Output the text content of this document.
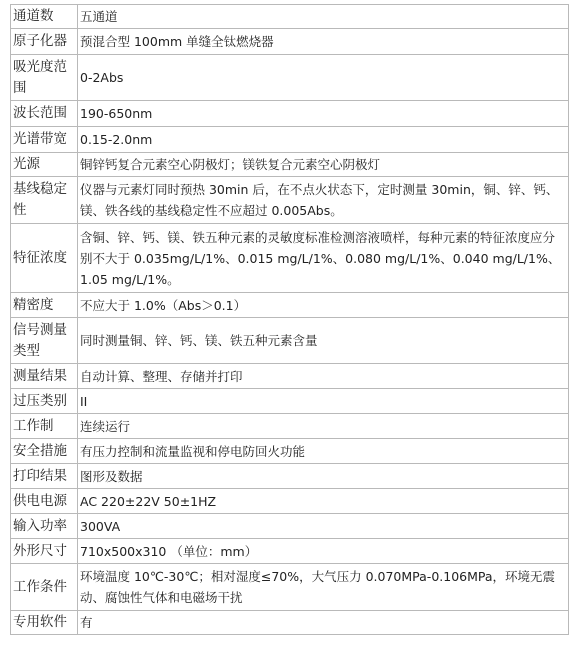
通道数	五通道
原子化器	预混合型 100mm 单缝全钛燃烧器
吸光度范围	0-2Abs
波长范围	190-650nm
光谱带宽	0.15-2.0nm
光源	铜锌钙复合元素空心阴极灯；镁铁复合元素空心阴极灯
基线稳定性	仪器与元素灯同时预热 30min 后，在不点火状态下，定时测量 30min，铜、锌、钙、镁、铁各线的基线稳定性不应超过 0.005Abs。
特征浓度	含铜、锌、钙、镁、铁五种元素的灵敏度标准检测溶液喷样，每种元素的特征浓度应分别不大于 0.035mg/L/1%、0.015 mg/L/1%、0.080 mg/L/1%、0.040 mg/L/1%、1.05 mg/L/1%。
精密度	不应大于 1.0%（Abs＞0.1）
信号测量类型	同时测量铜、锌、钙、镁、铁五种元素含量
测量结果	自动计算、整理、存储并打印
过压类别	II
工作制	连续运行
安全措施	有压力控制和流量监视和停电防回火功能
打印结果	图形及数据
供电电源	AC 220±22V 50±1HZ
输入功率	300VA
外形尺寸	710x500x310 （单位：mm）
工作条件	环境温度 10℃-30℃；相对湿度≤70%，大气压力 0.070MPa-0.106MPa，环境无震动、腐蚀性气体和电磁场干扰
专用软件	有
